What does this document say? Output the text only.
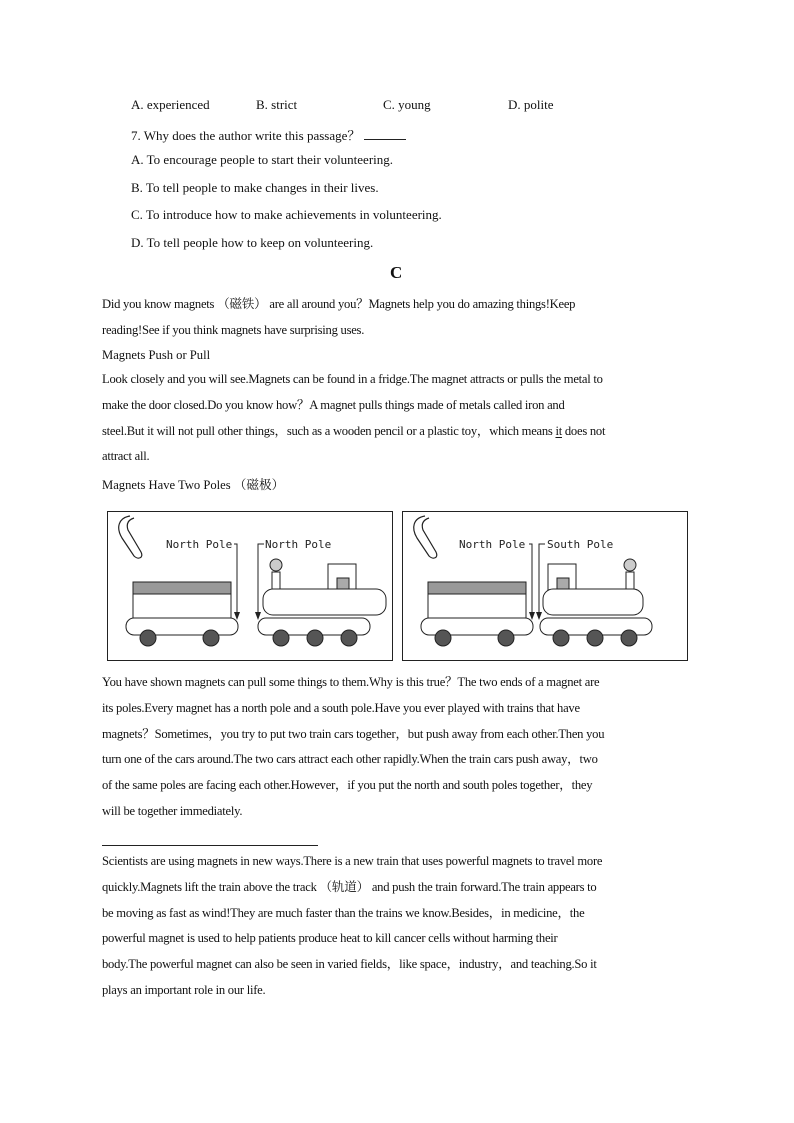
A. experienced	B. strict	C. young	D. polite
7. Why does the author write this passage？
A. To encourage people to start their volunteering.
B. To tell people to make changes in their lives.
C. To introduce how to make achievements in volunteering.
D. To tell people how to keep on volunteering.
C
Did you know magnets （磁铁） are all around you？Magnets help you do amazing things!Keep
reading!See if you think magnets have surprising uses.
Magnets Push or Pull
Look closely and you will see.Magnets can be found in a fridge.The magnet attracts or pulls the metal to
make the door closed.Do you know how？A magnet pulls things made of metals called iron and
steel.But it will not pull other things，such as a wooden pencil or a plastic toy，which means it does not
attract all.
Magnets Have Two Poles （磁极）
North Pole	North Pole	North Pole South Pole
You have shown magnets can pull some things to them.Why is this true？The two ends of a magnet are
its poles.Every magnet has a north pole and a south pole.Have you ever played with trains that have
magnets？Sometimes，you try to put two train cars together，but push away from each other.Then you
turn one of the cars around.The two cars attract each other rapidly.When the train cars push away，two
of the same poles are facing each other.However，if you put the north and south poles together，they
will be together immediately.
Scientists are using magnets in new ways.There is a new train that uses powerful magnets to travel more
quickly.Magnets lift the train above the track （轨道） and push the train forward.The train appears to
be moving as fast as wind!They are much faster than the trains we know.Besides，in medicine，the
powerful magnet is used to help patients produce heat to kill cancer cells without harming their
body.The powerful magnet can also be seen in varied fields，like space，industry，and teaching.So it
plays an important role in our life.
